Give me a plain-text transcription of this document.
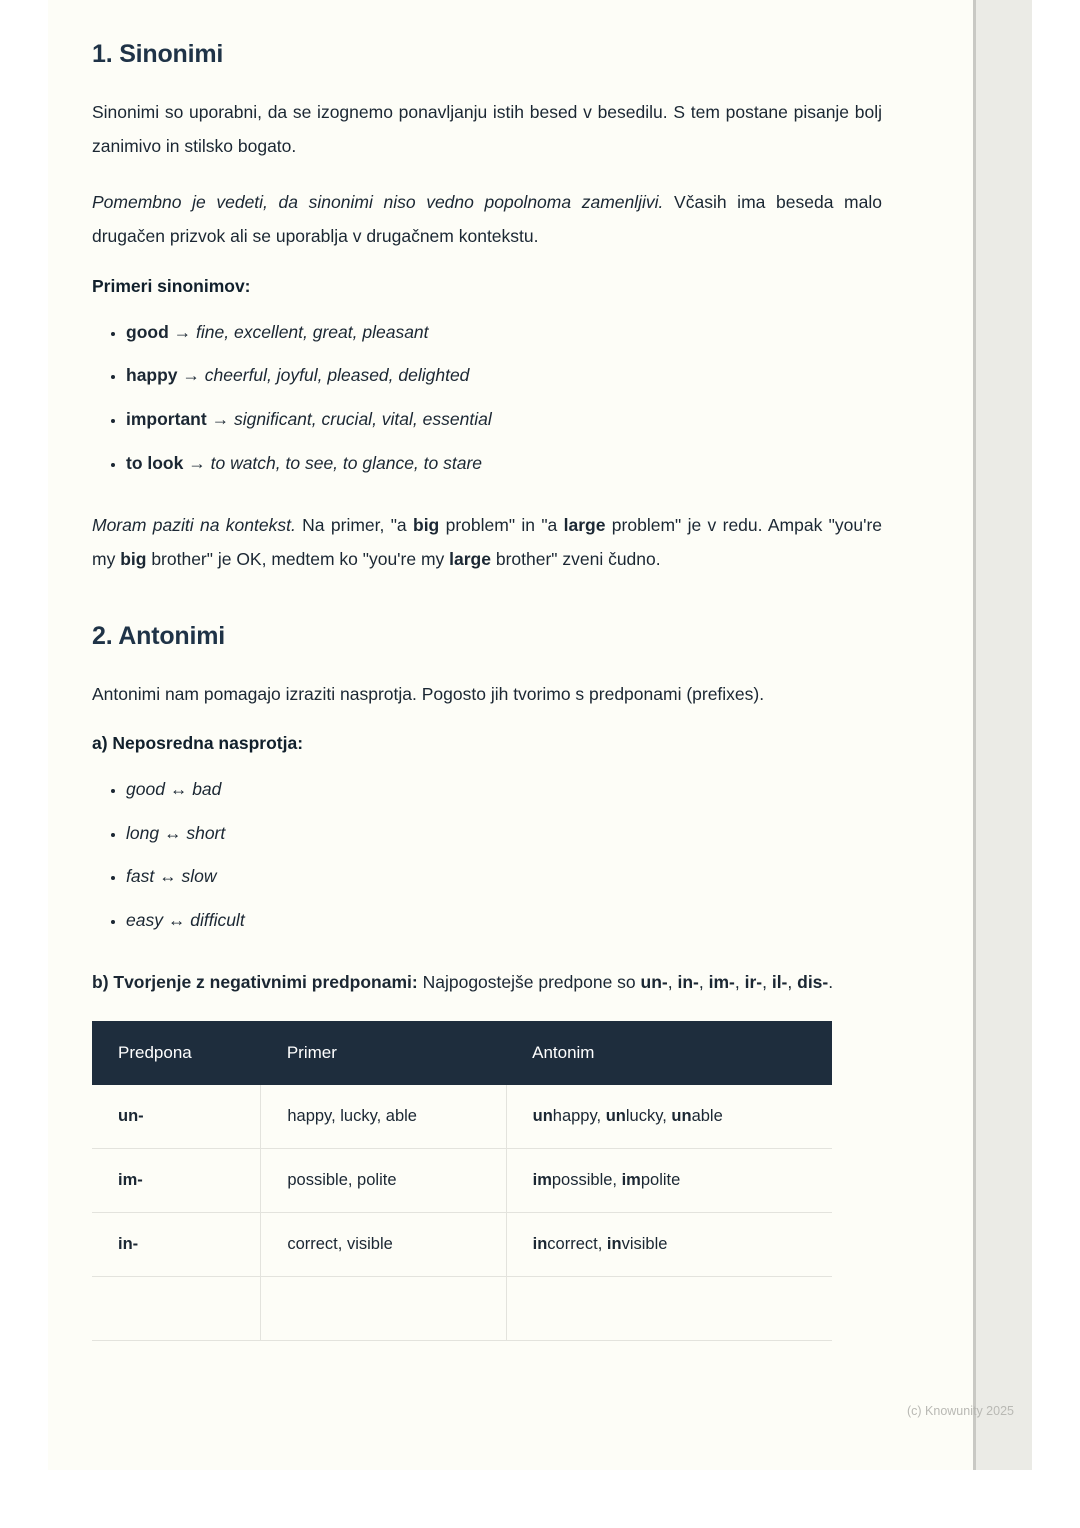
1. Sinonimi

Sinonimi so uporabni, da se izognemo ponavljanju istih besed v besedilu. S tem postane pisanje bolj zanimivo in stilsko bogato.

Pomembno je vedeti, da sinonimi niso vedno popolnoma zamenljivi. Včasih ima beseda malo drugačen prizvok ali se uporablja v drugačnem kontekstu.

Primeri sinonimov:
• good → fine, excellent, great, pleasant
• happy → cheerful, joyful, pleased, delighted
• important → significant, crucial, vital, essential
• to look → to watch, to see, to glance, to stare

Moram paziti na kontekst. Na primer, "a big problem" in "a large problem" je v redu. Ampak "you're my big brother" je OK, medtem ko "you're my large brother" zveni čudno.

2. Antonimi

Antonimi nam pomagajo izraziti nasprotja. Pogosto jih tvorimo s predponami (prefixes).

a) Neposredna nasprotja:
• good ↔ bad
• long ↔ short
• fast ↔ slow
• easy ↔ difficult

b) Tvorjenje z negativnimi predponami: Najpogostejše predpone so un-, in-, im-, ir-, il-, dis-.

Predpona	Primer	Antonim
un-	happy, lucky, able	unhappy, unlucky, unable
im-	possible, polite	impossible, impolite
in-	correct, visible	incorrect, invisible

(c) Knowunity 2025
